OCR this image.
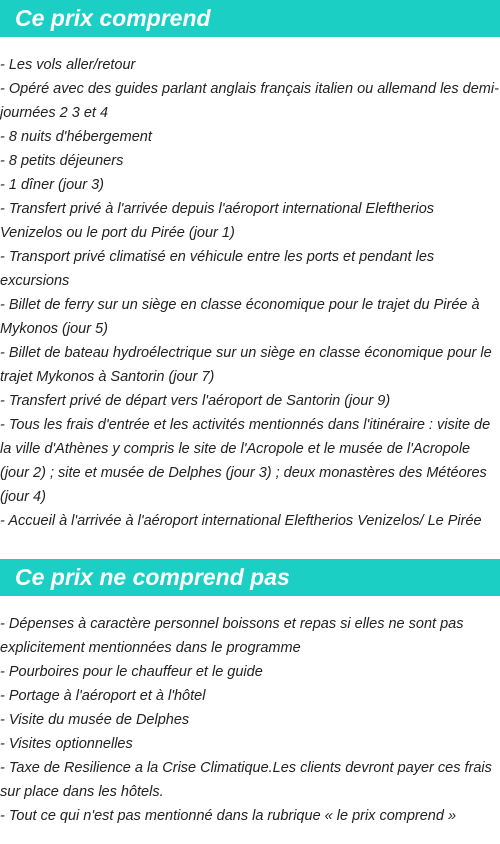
Ce prix comprend
- Les vols aller/retour
- Opéré avec des guides parlant anglais français italien ou allemand les demi-journées 2 3 et 4
- 8 nuits d'hébergement
- 8 petits déjeuners
- 1 dîner (jour 3)
- Transfert privé à l'arrivée depuis l'aéroport international Eleftherios Venizelos ou le port du Pirée (jour 1)
- Transport privé climatisé en véhicule entre les ports et pendant les excursions
- Billet de ferry sur un siège en classe économique pour le trajet du Pirée à Mykonos (jour 5)
- Billet de bateau hydroélectrique sur un siège en classe économique pour le trajet Mykonos à Santorin (jour 7)
- Transfert privé de départ vers l'aéroport de Santorin (jour 9)
- Tous les frais d'entrée et les activités mentionnés dans l'itinéraire : visite de la ville d'Athènes y compris le site de l'Acropole et le musée de l'Acropole (jour 2) ; site et musée de Delphes (jour 3) ; deux monastères des Météores (jour 4)
- Accueil à l'arrivée à l'aéroport international Eleftherios Venizelos/ Le Pirée
Ce prix ne comprend pas
- Dépenses à caractère personnel boissons et repas si elles ne sont pas explicitement mentionnées dans le programme
- Pourboires pour le chauffeur et le guide
- Portage à l'aéroport et à l'hôtel
- Visite du musée de Delphes
- Visites optionnelles
- Taxe de Resilience a la Crise Climatique.Les clients devront payer ces frais sur place dans les hôtels.
- Tout ce qui n'est pas mentionné dans la rubrique « le prix comprend »
